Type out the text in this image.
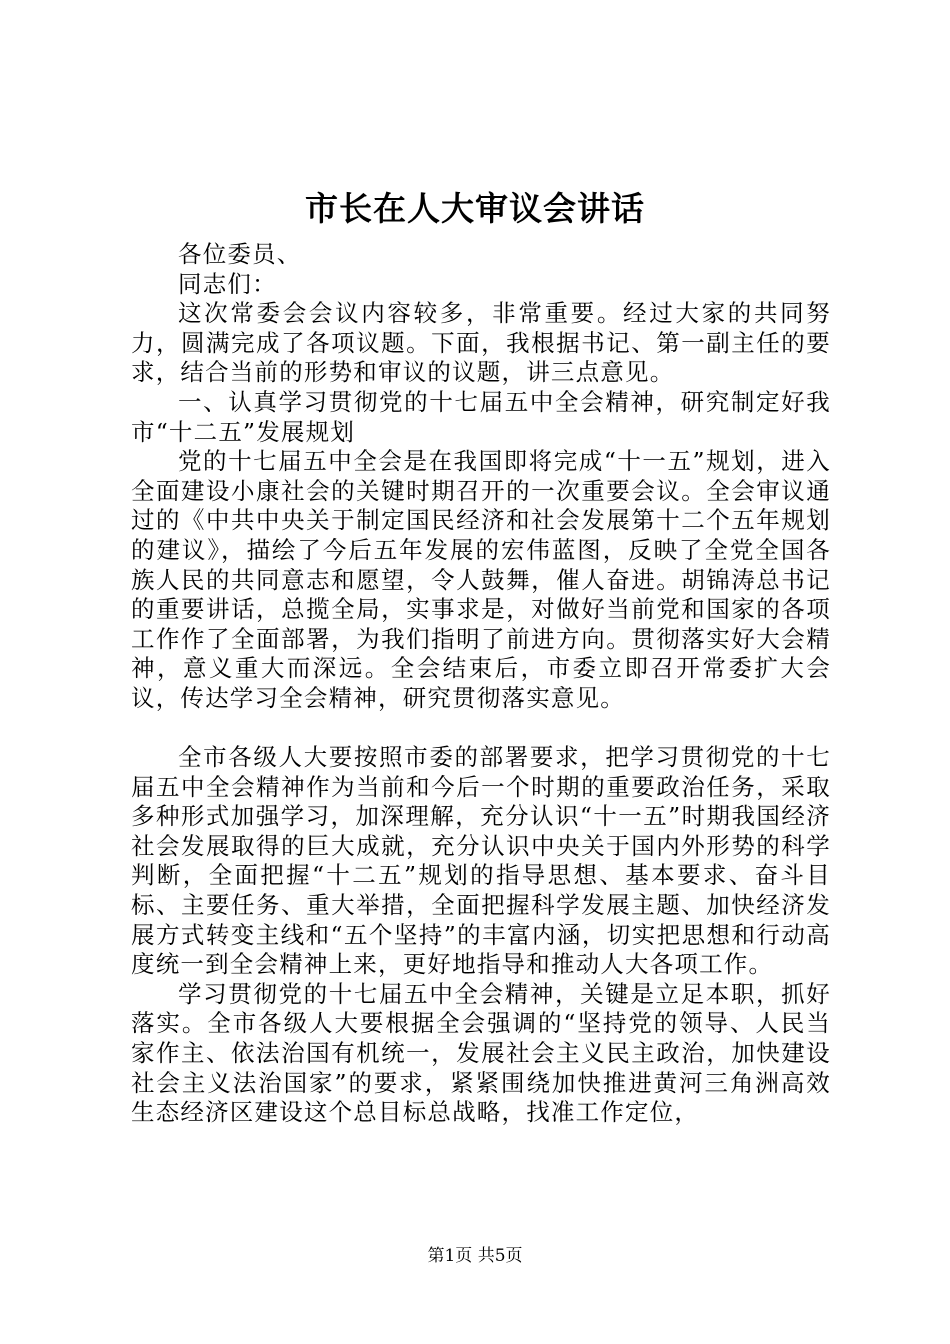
市长在人大审议会讲话

各位委员、

同志们：

这次常委会会议内容较多，非常重要。经过大家的共同努力，圆满完成了各项议题。下面，我根据书记、第一副主任的要求，结合当前的形势和审议的议题，讲三点意见。

一、认真学习贯彻党的十七届五中全会精神，研究制定好我市“十二五”发展规划

党的十七届五中全会是在我国即将完成“十一五”规划，进入全面建设小康社会的关键时期召开的一次重要会议。全会审议通过的《中共中央关于制定国民经济和社会发展第十二个五年规划的建议》，描绘了今后五年发展的宏伟蓝图，反映了全党全国各族人民的共同意志和愿望，令人鼓舞，催人奋进。胡锦涛总书记的重要讲话，总揽全局，实事求是，对做好当前党和国家的各项工作作了全面部署，为我们指明了前进方向。贯彻落实好大会精神，意义重大而深远。全会结束后，市委立即召开常委扩大会议，传达学习全会精神，研究贯彻落实意见。

全市各级人大要按照市委的部署要求，把学习贯彻党的十七届五中全会精神作为当前和今后一个时期的重要政治任务，采取多种形式加强学习，加深理解，充分认识“十一五”时期我国经济社会发展取得的巨大成就，充分认识中央关于国内外形势的科学判断，全面把握“十二五”规划的指导思想、基本要求、奋斗目标、主要任务、重大举措，全面把握科学发展主题、加快经济发展方式转变主线和“五个坚持”的丰富内涵，切实把思想和行动高度统一到全会精神上来，更好地指导和推动人大各项工作。

学习贯彻党的十七届五中全会精神，关键是立足本职，抓好落实。全市各级人大要根据全会强调的“坚持党的领导、人民当家作主、依法治国有机统一，发展社会主义民主政治，加快建设社会主义法治国家”的要求，紧紧围绕加快推进黄河三角洲高效生态经济区建设这个总目标总战略，找准工作定位，

第1页 共5页
